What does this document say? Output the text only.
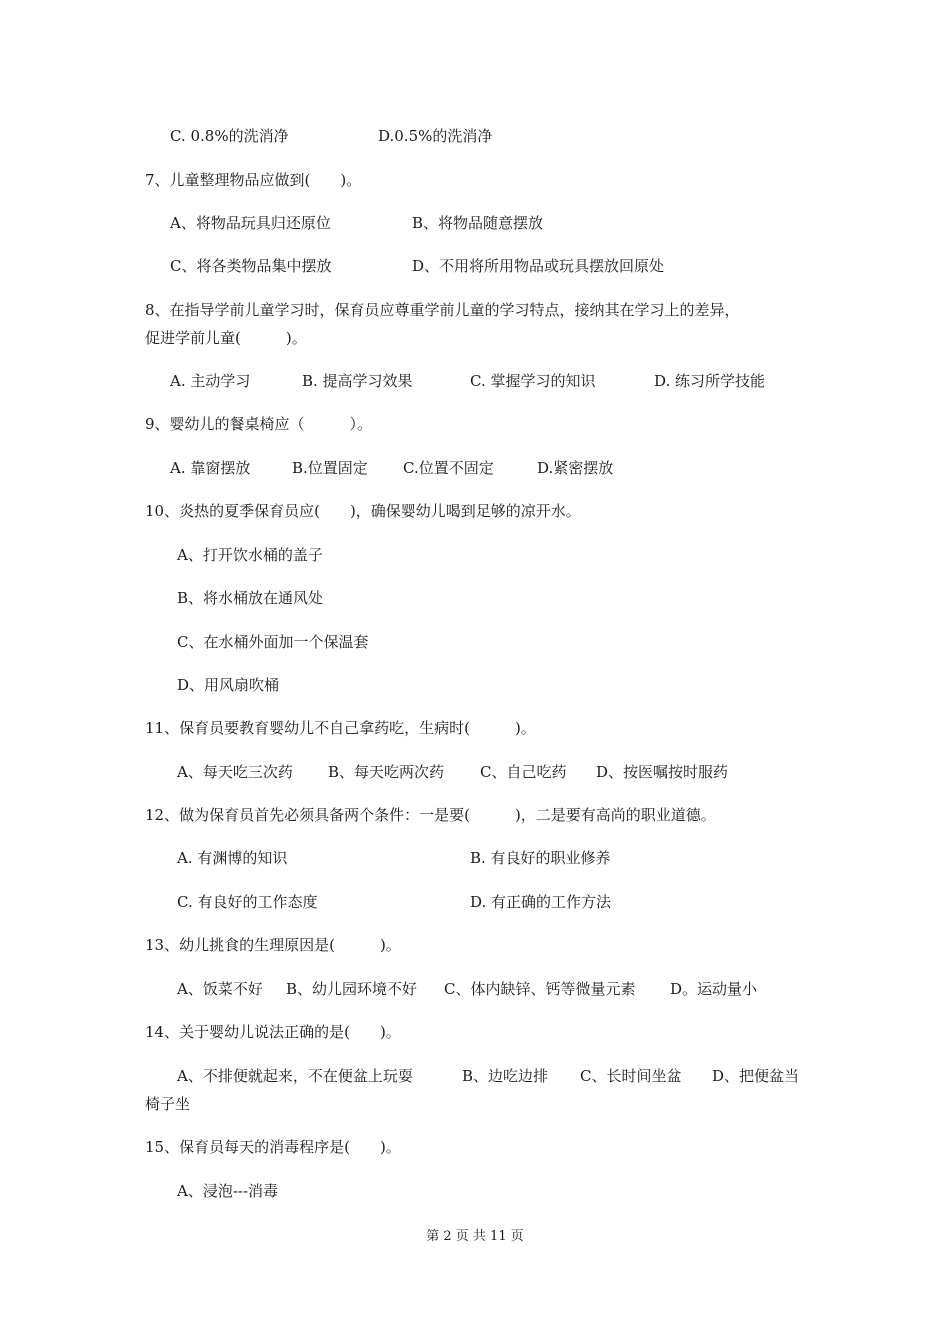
C. 0.8%的洗消净	D.0.5%的洗消净
7、儿童整理物品应做到(　　)。
A、将物品玩具归还原位	B、将物品随意摆放
C、将各类物品集中摆放	D、不用将所用物品或玩具摆放回原处
8、在指导学前儿童学习时，保育员应尊重学前儿童的学习特点，接纳其在学习上的差异，
促进学前儿童(　　　)。
A. 主动学习	B. 提高学习效果	C. 掌握学习的知识	D. 练习所学技能
9、婴幼儿的餐桌椅应（　　　）。
A. 靠窗摆放	B.位置固定 C.位置不固定	D.紧密摆放
10、炎热的夏季保育员应(　　)，确保婴幼儿喝到足够的凉开水。
A、打开饮水桶的盖子
B、将水桶放在通风处
C、在水桶外面加一个保温套
D、用风扇吹桶
11、保育员要教育婴幼儿不自己拿药吃，生病时(　　　)。
A、每天吃三次药 B、每天吃两次药 C、自己吃药 D、按医嘱按时服药
12、做为保育员首先必须具备两个条件：一是要(　　　)，二是要有高尚的职业道德。
A. 有渊博的知识	B. 有良好的职业修养
C. 有良好的工作态度	D. 有正确的工作方法
13、幼儿挑食的生理原因是(　　　)。
A、饭菜不好 B、幼儿园环境不好 C、体内缺锌、钙等微量元素 D。运动量小
14、关于婴幼儿说法正确的是(　　)。
A、不排便就起来，不在便盆上玩耍	B、边吃边排 C、长时间坐盆 D、把便盆当
椅子坐
15、保育员每天的消毒程序是(　　)。
A、浸泡---消毒
第 2 页 共 11 页
